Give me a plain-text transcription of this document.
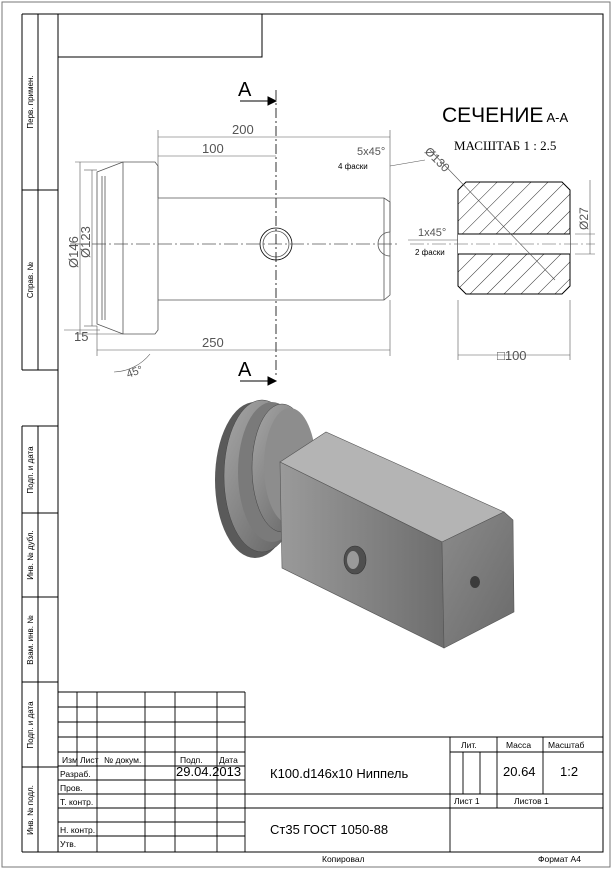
Перв. примен.
Справ. №
Подп. и дата
Инв. № дубл.
Взам. инв. №
Подп. и дата
Инв. № подл.
A
A
200
100
250
15
5x45°
4 фаски
Ø146
Ø123
45°
СЕЧЕНИЕ А-А
МАСШТАБ 1 : 2.5
Ø130
1x45°
2 фаски
Ø27
□100
Изм Лист № докум.	Подп. Дата
Разраб.
Пров.
Т. контр.
Н. контр.
Утв.
29.04.2013 К100.d146x10 Ниппель
Ст35 ГОСТ 1050-88
Лит.	Масса Масштаб
20.64 1:2
Лист 1	Листов 1
Копировал	Формат А4
